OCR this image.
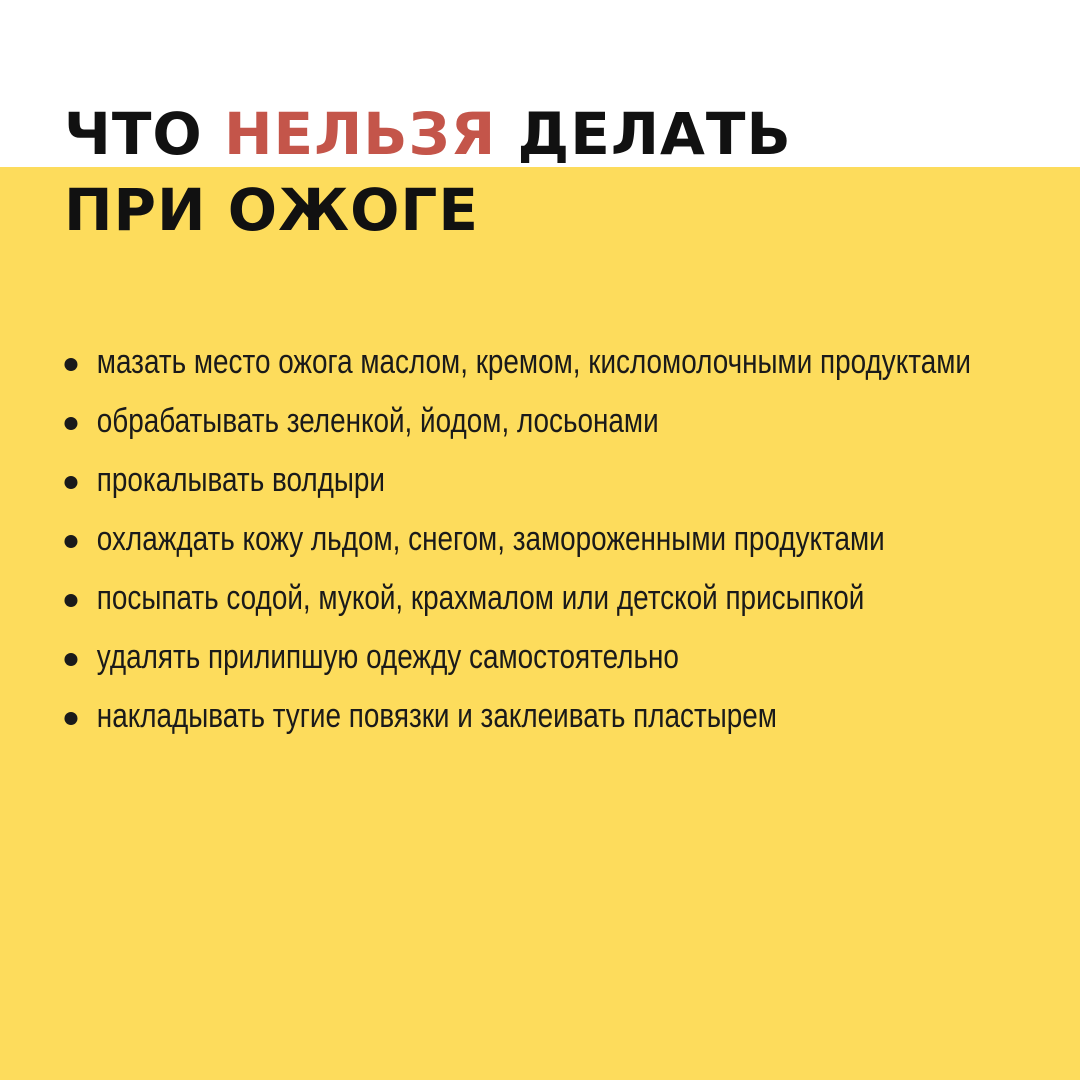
ЧТО НЕЛЬЗЯ ДЕЛАТЬ
ПРИ ОЖОГЕ
мазать место ожога маслом, кремом, кисломолочными продуктами
обрабатывать зеленкой, йодом, лосьонами
прокалывать волдыри
охлаждать кожу льдом, снегом, замороженными продуктами
посыпать содой, мукой, крахмалом или детской присыпкой
удалять прилипшую одежду самостоятельно
накладывать тугие повязки и заклеивать пластырем
